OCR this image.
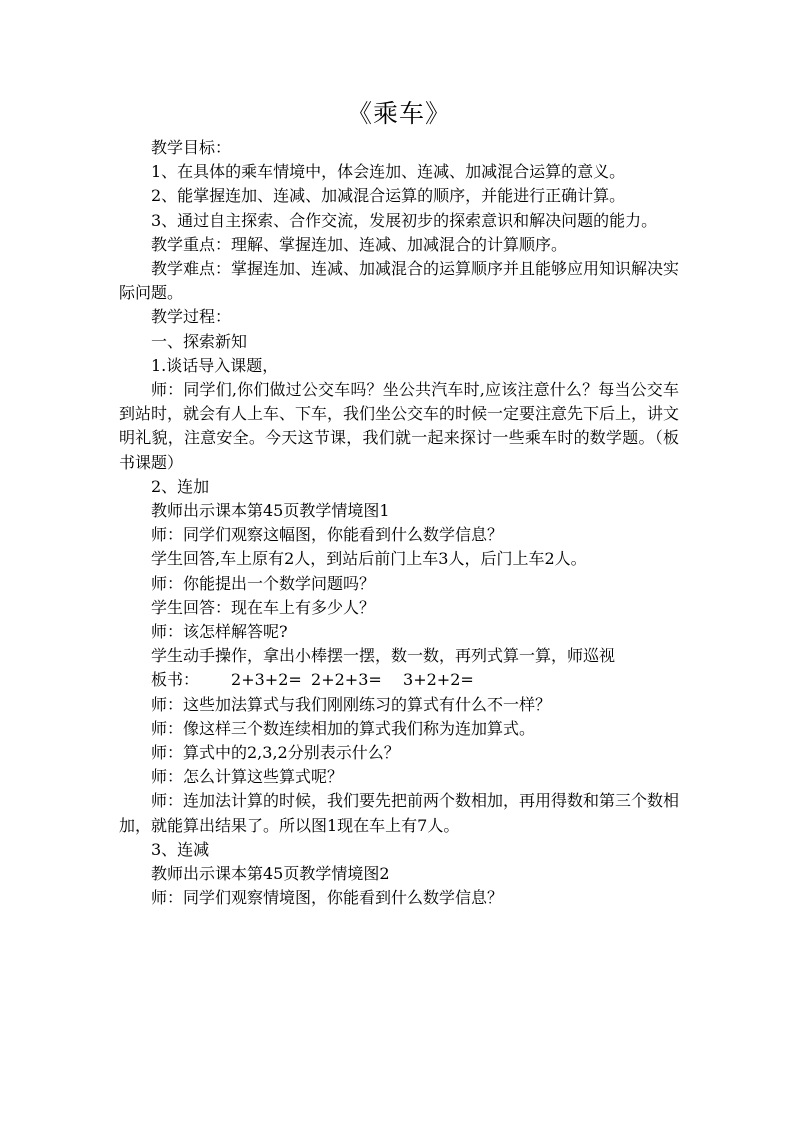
《乘车》

教学目标：

1、在具体的乘车情境中，体会连加、连减、加减混合运算的意义。

2、能掌握连加、连减、加减混合运算的顺序，并能进行正确计算。

3、通过自主探索、合作交流，发展初步的探索意识和解决问题的能力。

教学重点：理解、掌握连加、连减、加减混合的计算顺序。

教学难点：掌握连加、连减、加减混合的运算顺序并且能够应用知识解决实际问题。

教学过程：

一、探索新知

1.谈话导入课题，

师：同学们,你们做过公交车吗？坐公共汽车时,应该注意什么？每当公交车到站时，就会有人上车、下车，我们坐公交车的时候一定要注意先下后上，讲文明礼貌，注意安全。今天这节课，我们就一起来探讨一些乘车时的数学题。（板书课题）

2、连加

教师出示课本第45页教学情境图1

师：同学们观察这幅图，你能看到什么数学信息？

学生回答,车上原有2人，到站后前门上车3人，后门上车2人。

师：你能提出一个数学问题吗？

学生回答：现在车上有多少人？

师：该怎样解答呢?

学生动手操作，拿出小棒摆一摆，数一数，再列式算一算，师巡视

板书： 2+3+2= 2+2+3= 3+2+2=

师：这些加法算式与我们刚刚练习的算式有什么不一样？

师：像这样三个数连续相加的算式我们称为连加算式。

师：算式中的2,3,2分别表示什么？

师：怎么计算这些算式呢？

师：连加法计算的时候，我们要先把前两个数相加，再用得数和第三个数相加，就能算出结果了。所以图1现在车上有7人。

3、连减

教师出示课本第45页教学情境图2

师：同学们观察情境图，你能看到什么数学信息？
